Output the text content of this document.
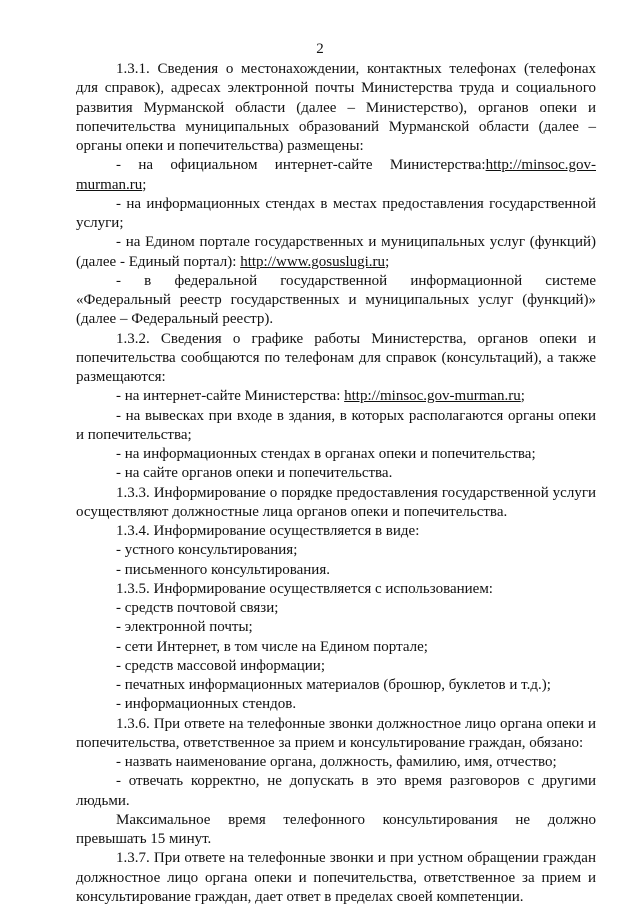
2

1.3.1. Сведения о местонахождении, контактных телефонах (телефонах для справок), адресах электронной почты Министерства труда и социального развития Мурманской области (далее – Министерство), органов опеки и попечительства муниципальных образований Мурманской области (далее – органы опеки и попечительства) размещены:

- на официальном интернет-сайте Министерства:http://minsoc.gov-murman.ru;

- на информационных стендах в местах предоставления государственной услуги;

- на Едином портале государственных и муниципальных услуг (функций) (далее - Единый портал): http://www.gosuslugi.ru;

- в федеральной государственной информационной системе «Федеральный реестр государственных и муниципальных услуг (функций)» (далее – Федеральный реестр).

1.3.2. Сведения о графике работы Министерства, органов опеки и попечительства сообщаются по телефонам для справок (консультаций), а также размещаются:

- на интернет-сайте Министерства: http://minsoc.gov-murman.ru;

- на вывесках при входе в здания, в которых располагаются органы опеки и попечительства;

- на информационных стендах в органах опеки и попечительства;

- на сайте органов опеки и попечительства.

1.3.3. Информирование о порядке предоставления государственной услуги осуществляют должностные лица органов опеки и попечительства.

1.3.4. Информирование осуществляется в виде:

- устного консультирования;

- письменного консультирования.

1.3.5. Информирование осуществляется с использованием:

- средств почтовой связи;

- электронной почты;

- сети Интернет, в том числе на Едином портале;

- средств массовой информации;

- печатных информационных материалов (брошюр, буклетов и т.д.);

- информационных стендов.

1.3.6. При ответе на телефонные звонки должностное лицо органа опеки и попечительства, ответственное за прием и консультирование граждан, обязано:

- назвать наименование органа, должность, фамилию, имя, отчество;

- отвечать корректно, не допускать в это время разговоров с другими людьми.

Максимальное время телефонного консультирования не должно превышать 15 минут.

1.3.7. При ответе на телефонные звонки и при устном обращении граждан должностное лицо органа опеки и попечительства, ответственное за прием и консультирование граждан, дает ответ в пределах своей компетенции.
